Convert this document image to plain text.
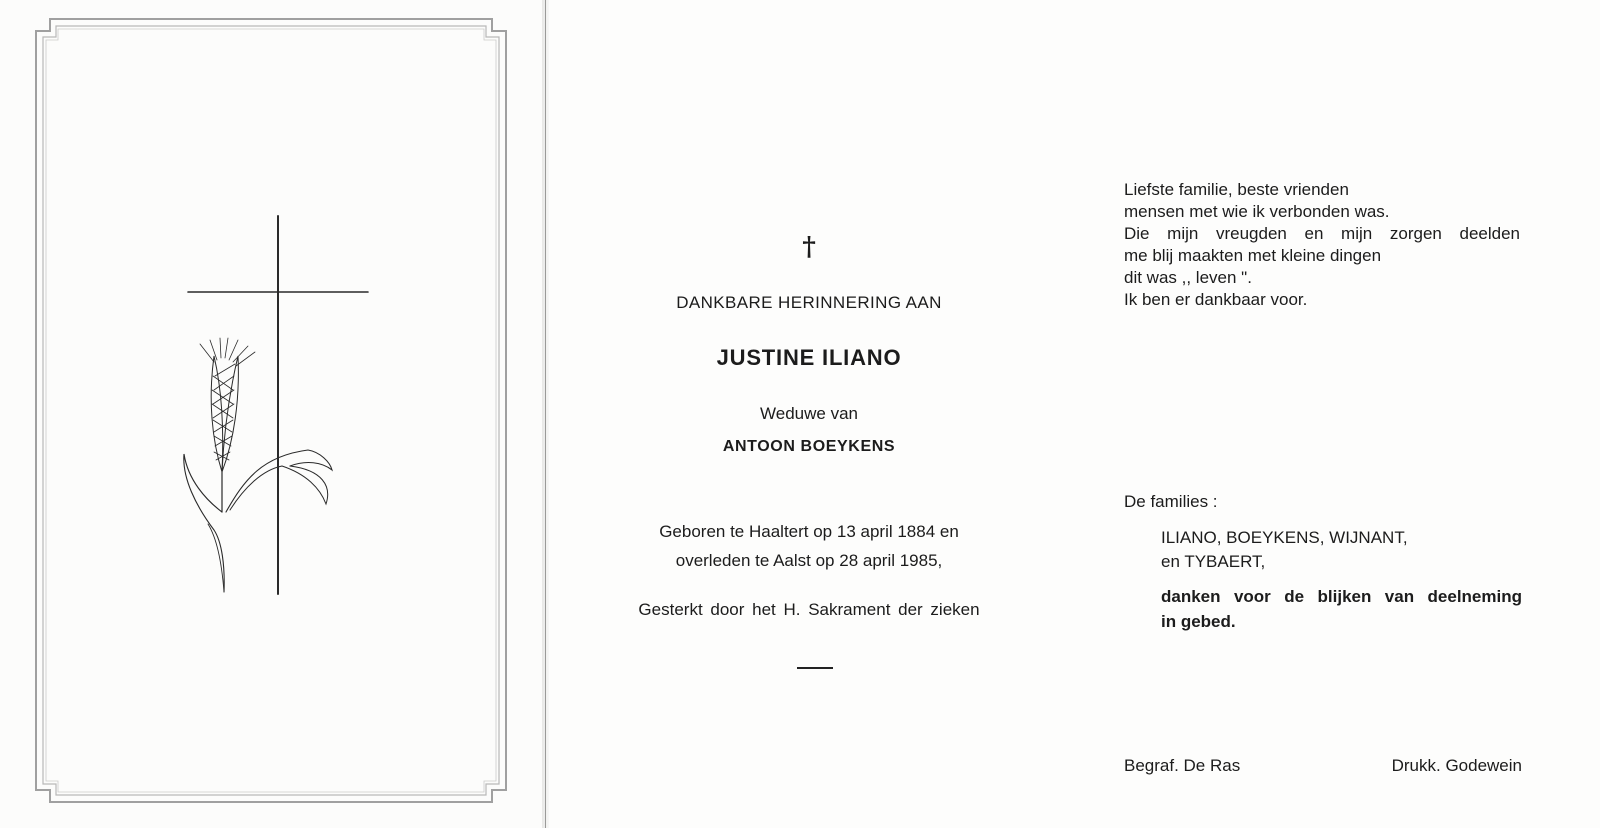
†
DANKBARE HERINNERING AAN
JUSTINE ILIANO
Weduwe van
ANTOON BOEYKENS
Geboren te Haaltert op 13 april 1884 en
overleden te Aalst op 28 april 1985,
Gesterkt door het H. Sakrament der zieken
Liefste familie, beste vrienden
mensen met wie ik verbonden was.
Die mijn vreugden en mijn zorgen deelden
me blij maakten met kleine dingen
dit was ,, leven ".
Ik ben er dankbaar voor.
De families :
ILIANO, BOEYKENS, WIJNANT,
en TYBAERT,
danken voor de blijken van deelneming
in gebed.
Begraf. De Ras	Drukk. Godewein
